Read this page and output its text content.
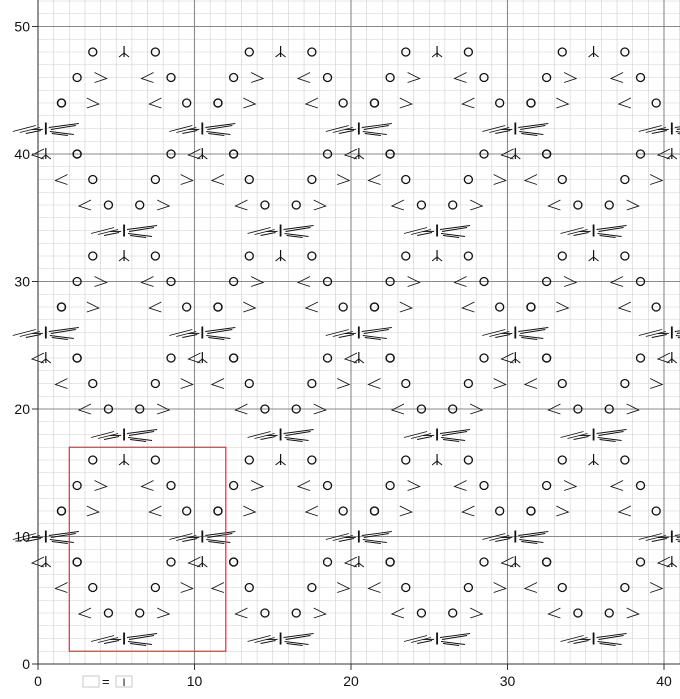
0
10
20
30
40
50
0	10	20	30	40
I
=
